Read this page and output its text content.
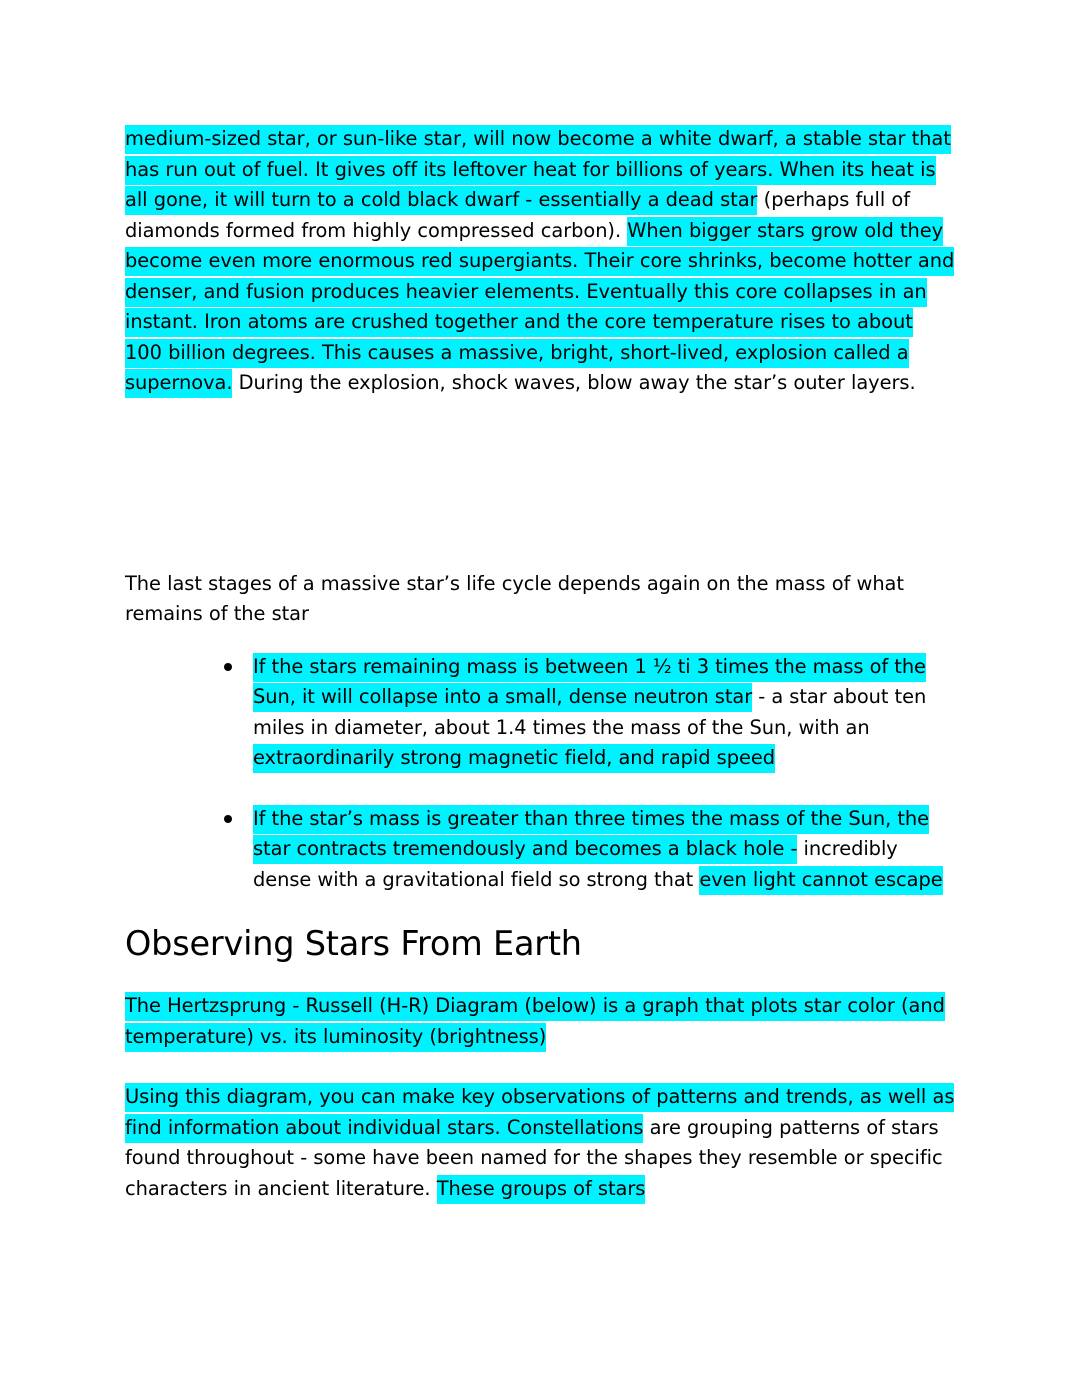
medium-sized star, or sun-like star, will now become a white dwarf, a stable star that has run out of fuel. It gives off its leftover heat for billions of years. When its heat is all gone, it will turn to a cold black dwarf - essentially a dead star (perhaps full of diamonds formed from highly compressed carbon). When bigger stars grow old they become even more enormous red supergiants. Their core shrinks, become hotter and denser, and fusion produces heavier elements. Eventually this core collapses in an instant. Iron atoms are crushed together and the core temperature rises to about 100 billion degrees. This causes a massive, bright, short-lived, explosion called a supernova. During the explosion, shock waves, blow away the star’s outer layers.

The last stages of a massive star’s life cycle depends again on the mass of what remains of the star

If the stars remaining mass is between 1 ½ ti 3 times the mass of the Sun, it will collapse into a small, dense neutron star - a star about ten miles in diameter, about 1.4 times the mass of the Sun, with an extraordinarily strong magnetic field, and rapid speed
If the star’s mass is greater than three times the mass of the Sun, the star contracts tremendously and becomes a black hole - incredibly dense with a gravitational field so strong that even light cannot escape
Observing Stars From Earth

The Hertzsprung - Russell (H-R) Diagram (below) is a graph that plots star color (and temperature) vs. its luminosity (brightness)

Using this diagram, you can make key observations of patterns and trends, as well as find information about individual stars. Constellations are grouping patterns of stars found throughout - some have been named for the shapes they resemble or specific characters in ancient literature. These groups of stars
